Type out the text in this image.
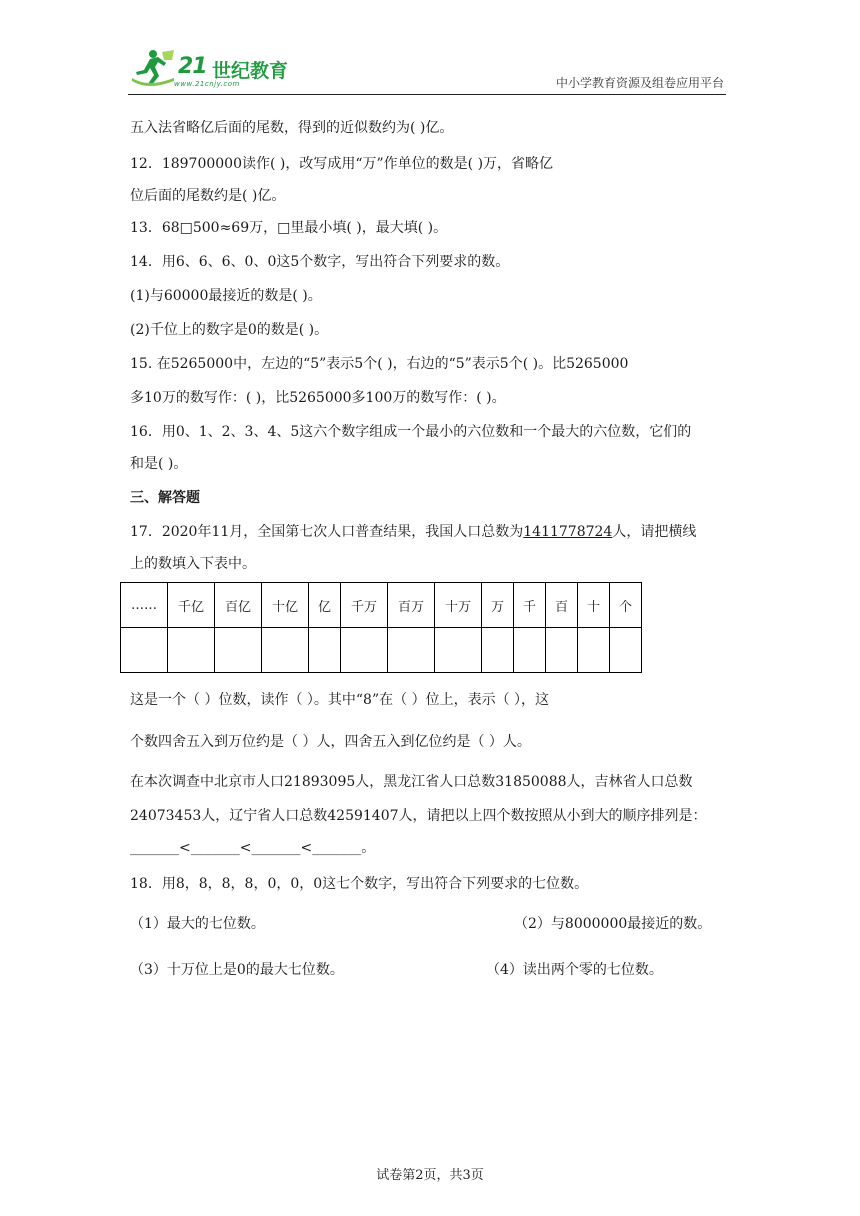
21 世纪教育
www.21cnjy.com	中小学教育资源及组卷应用平台
五入法省略亿后面的尾数，得到的近似数约为( )亿。
12．189700000读作( )，改写成用“万”作单位的数是( )万，省略亿
位后面的尾数约是( )亿。
13．68□500≈69万，□里最小填( )，最大填( )。
14．用6、6、6、0、0这5个数字，写出符合下列要求的数。
(1)与60000最接近的数是( )。
(2)千位上的数字是0的数是( )。
15. 在5265000中，左边的“5”表示5个( )，右边的“5”表示5个( )。比5265000
多10万的数写作：( )，比5265000多100万的数写作：( )。
16．用0、1、2、3、4、5这六个数字组成一个最小的六位数和一个最大的六位数，它们的
和是( )。
三、解答题
17．2020年11月，全国第七次人口普查结果，我国人口总数为1411778724人，请把横线
上的数填入下表中。
……	千亿	百亿	十亿	亿	千万	百万	十万	万	千	百	十	个

这是一个（ ）位数，读作（ ）。其中“8”在（ ）位上，表示（ ），这
个数四舍五入到万位约是（ ）人，四舍五入到亿位约是（ ）人。
在本次调查中北京市人口21893095人，黑龙江省人口总数31850088人，吉林省人口总数
24073453人，辽宁省人口总数42591407人，请把以上四个数按照从小到大的顺序排列是：
_______<_______<_______<_______。
18．用8，8，8，8，0，0，0这七个数字，写出符合下列要求的七位数。
（1）最大的七位数。	（2）与8000000最接近的数。
（3）十万位上是0的最大七位数。	（4）读出两个零的七位数。
试卷第2页，共3页
